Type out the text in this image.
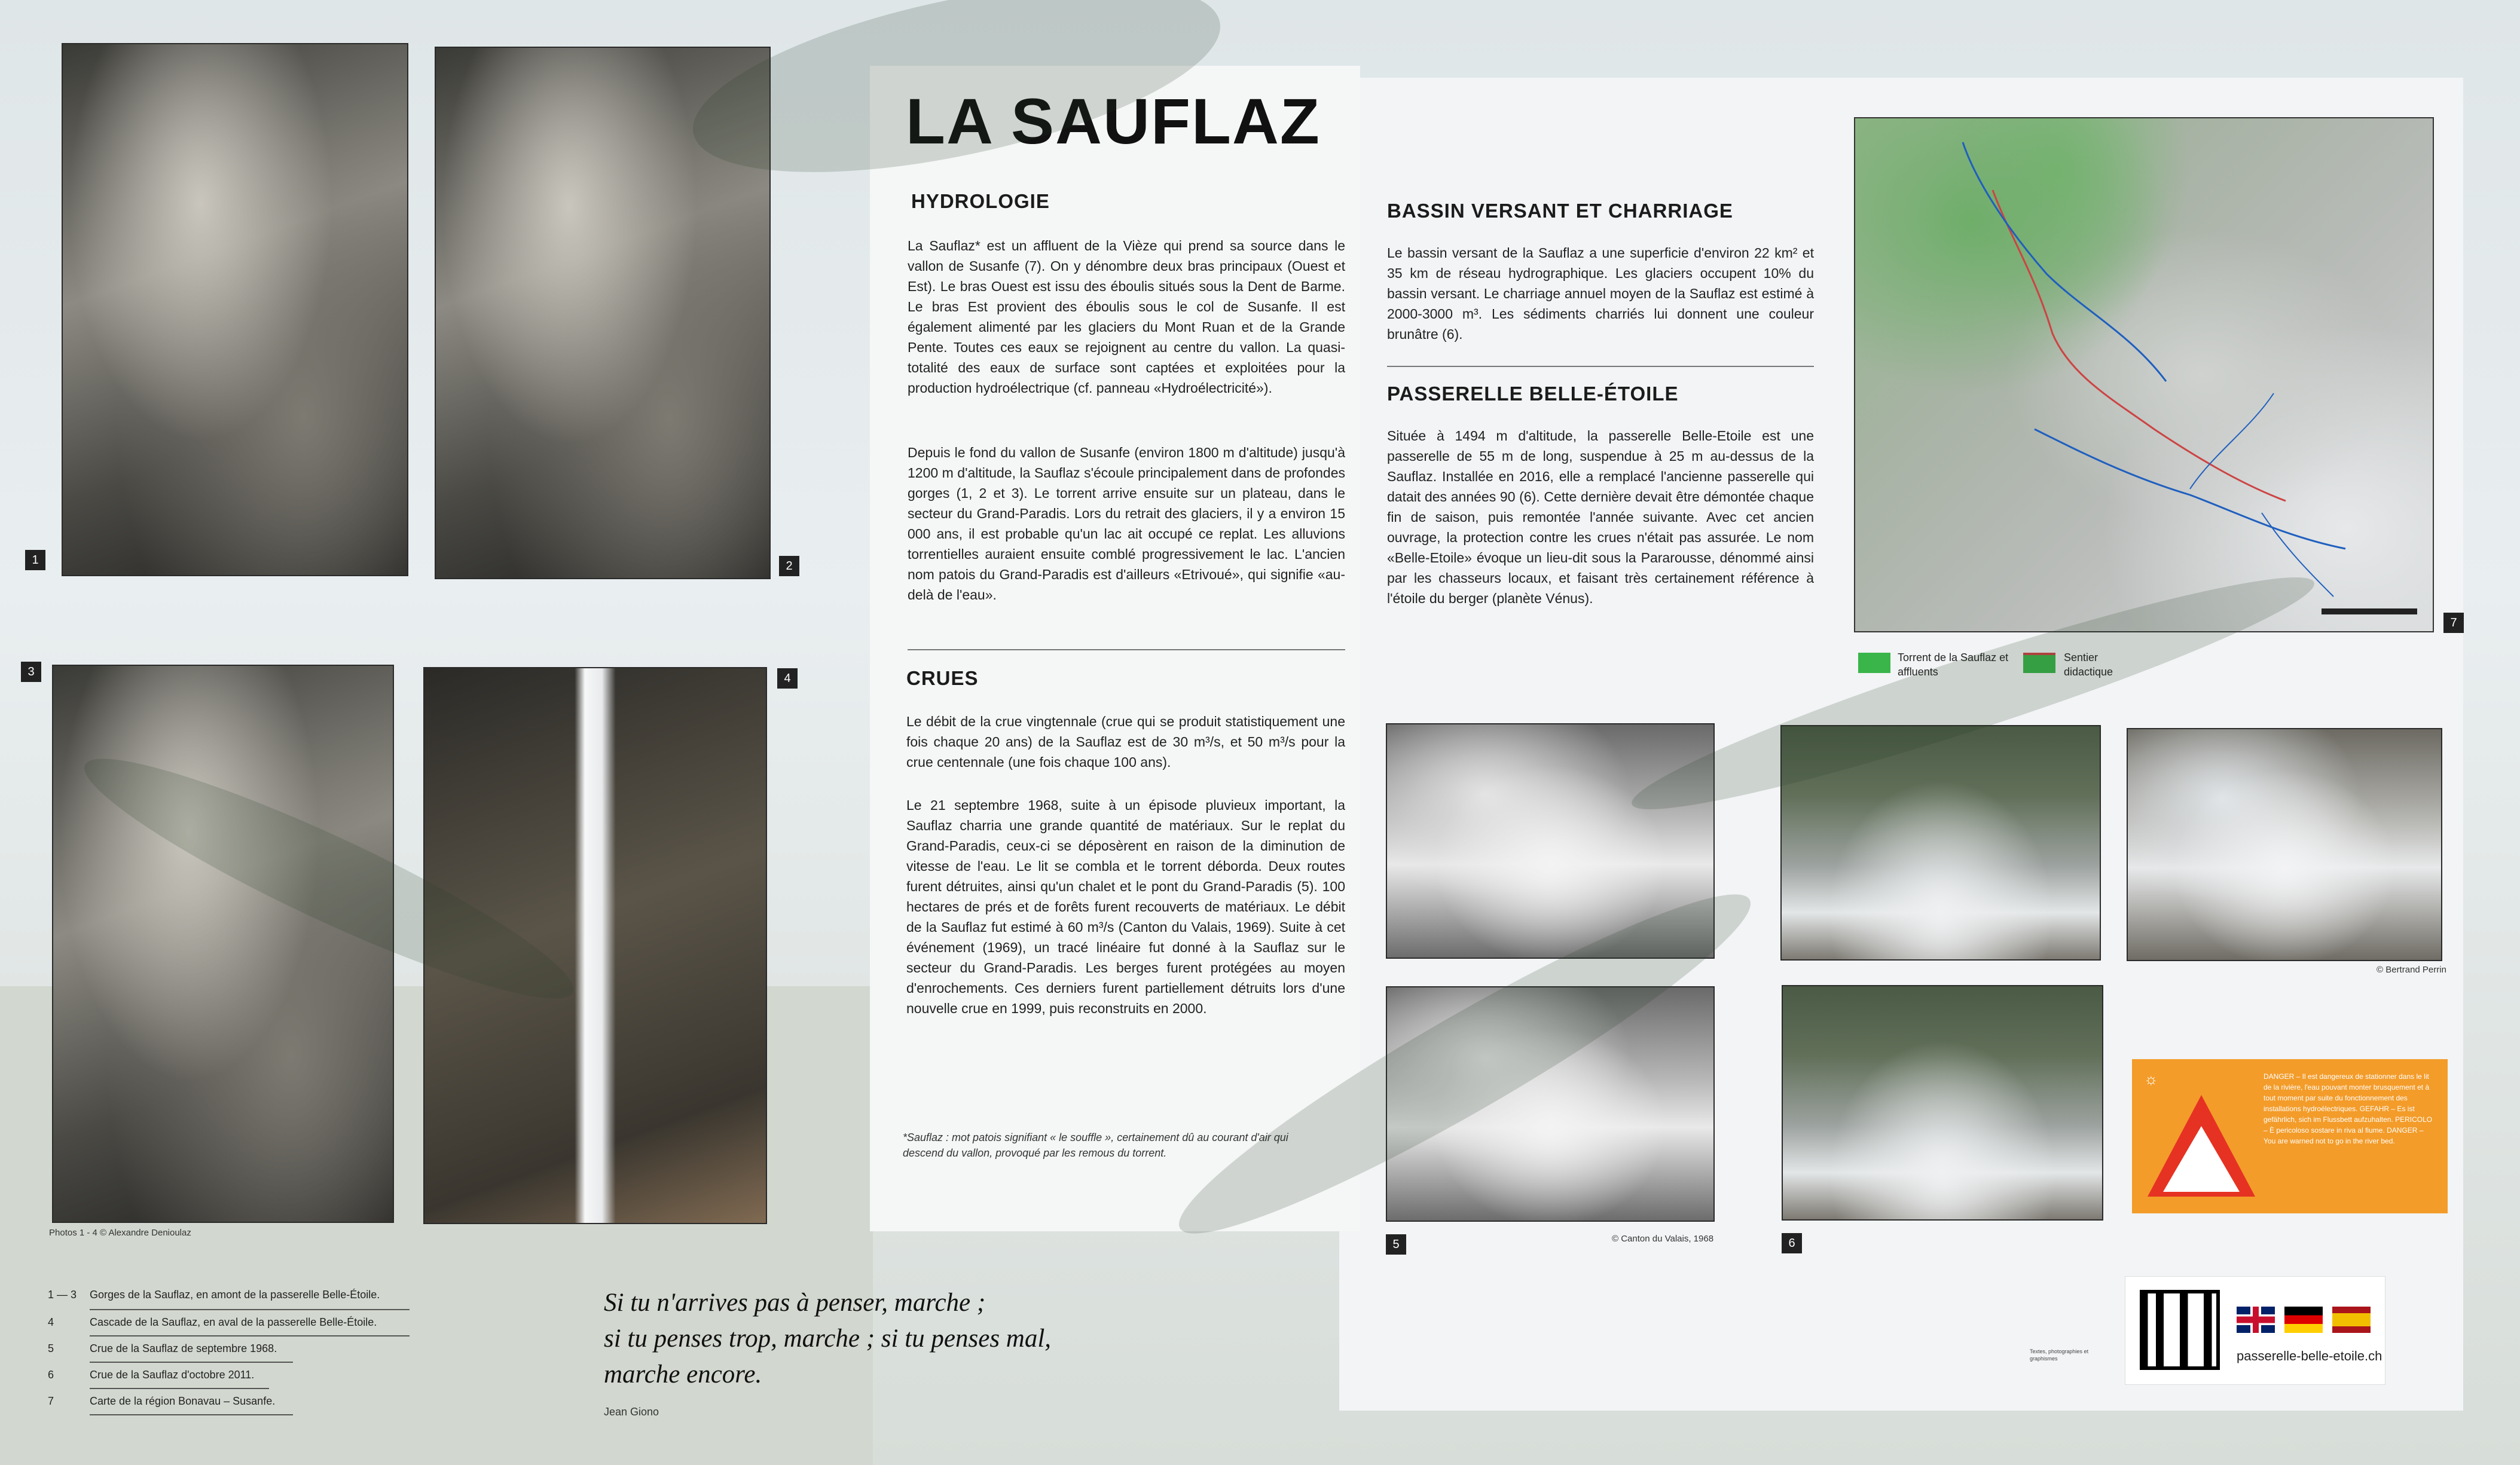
1	2
3	4

Photos 1 - 4 © Alexandre Denioulaz

LA SAUFLAZ
HYDROLOGIE

La Sauflaz* est un affluent de la Vièze qui prend sa source dans le vallon de Susanfe (7). On y dénombre deux bras principaux (Ouest et Est). Le bras Ouest est issu des éboulis situés sous la Dent de Barme. Le bras Est provient des éboulis sous le col de Susanfe. Il est également alimenté par les glaciers du Mont Ruan et de la Grande Pente. Toutes ces eaux se rejoignent au centre du vallon. La quasi-totalité des eaux de surface sont captées et exploitées pour la production hydroélectrique (cf. panneau «Hydroélectricité»).

Depuis le fond du vallon de Susanfe (environ 1800 m d'altitude) jusqu'à 1200 m d'altitude, la Sauflaz s'écoule principalement dans de profondes gorges (1, 2 et 3). Le torrent arrive ensuite sur un plateau, dans le secteur du Grand-Paradis. Lors du retrait des glaciers, il y a environ 15 000 ans, il est probable qu'un lac ait occupé ce replat. Les alluvions torrentielles auraient ensuite comblé progressivement le lac. L'ancien nom patois du Grand-Paradis est d'ailleurs «Etrivoué», qui signifie «au-delà de l'eau».

CRUES

Le débit de la crue vingtennale (crue qui se produit statistiquement une fois chaque 20 ans) de la Sauflaz est de 30 m³/s, et 50 m³/s pour la crue centennale (une fois chaque 100 ans).

Le 21 septembre 1968, suite à un épisode pluvieux important, la Sauflaz charria une grande quantité de matériaux. Sur le replat du Grand-Paradis, ceux-ci se déposèrent en raison de la diminution de vitesse de l'eau. Le lit se combla et le torrent déborda. Deux routes furent détruites, ainsi qu'un chalet et le pont du Grand-Paradis (5). 100 hectares de prés et de forêts furent recouverts de matériaux. Le débit de la Sauflaz fut estimé à 60 m³/s (Canton du Valais, 1969). Suite à cet événement (1969), un tracé linéaire fut donné à la Sauflaz sur le secteur du Grand-Paradis. Les berges furent protégées au moyen d'enrochements. Ces derniers furent partiellement détruits lors d'une nouvelle crue en 1999, puis reconstruits en 2000.

*Sauflaz : mot patois signifiant « le souffle », certainement dû au courant d'air qui descend du vallon, provoqué par les remous du torrent.

BASSIN VERSANT ET CHARRIAGE

Le bassin versant de la Sauflaz a une superficie d'environ 22 km² et 35 km de réseau hydrographique. Les glaciers occupent 10% du bassin versant. Le charriage annuel moyen de la Sauflaz est estimé à 2000-3000 m³. Les sédiments charriés lui donnent une couleur brunâtre (6).

PASSERELLE BELLE-ÉTOILE

Située à 1494 m d'altitude, la passerelle Belle-Etoile est une passerelle de 55 m de long, suspendue à 25 m au-dessus de la Sauflaz. Installée en 2016, elle a remplacé l'ancienne passerelle qui datait des années 90 (6). Cette dernière devait être démontée chaque fin de saison, puis remontée l'année suivante. Avec cet ancien ouvrage, la protection contre les crues n'était pas assurée. Le nom «Belle-Etoile» évoque un lieu-dit sous la Pararousse, dénommé ainsi par les chasseurs locaux, et faisant très certainement référence à l'étoile du berger (planète Vénus).

7

Torrent de la Sauflaz et affluents

Sentier didactique

5	© Canton du Valais, 1968

© Bertrand Perrin

6
☼

ATTENTION !

DANGER – Il est dangereux de stationner dans le lit de la rivière, l'eau pouvant monter brusquement et à tout moment par suite du fonctionnement des installations hydroélectriques. GEFAHR – Es ist gefährlich, sich im Flussbett aufzuhalten. PERICOLO – È pericoloso sostare in riva al fiume. DANGER – You are warned not to go in the river bed.

1 — 3 Gorges de la Sauflaz, en amont de la passerelle Belle-Étoile.
4	Cascade de la Sauflaz, en aval de la passerelle Belle-Étoile.
5	Crue de la Sauflaz de septembre 1968.
6	Crue de la Sauflaz d'octobre 2011.
7	Carte de la région Bonavau – Susanfe.

Si tu n'arrives pas à penser, marche ;
si tu penses trop, marche ; si tu penses mal,
marche encore.

Jean Giono

Textes, photographies et graphismes	passerelle-belle-etoile.ch
